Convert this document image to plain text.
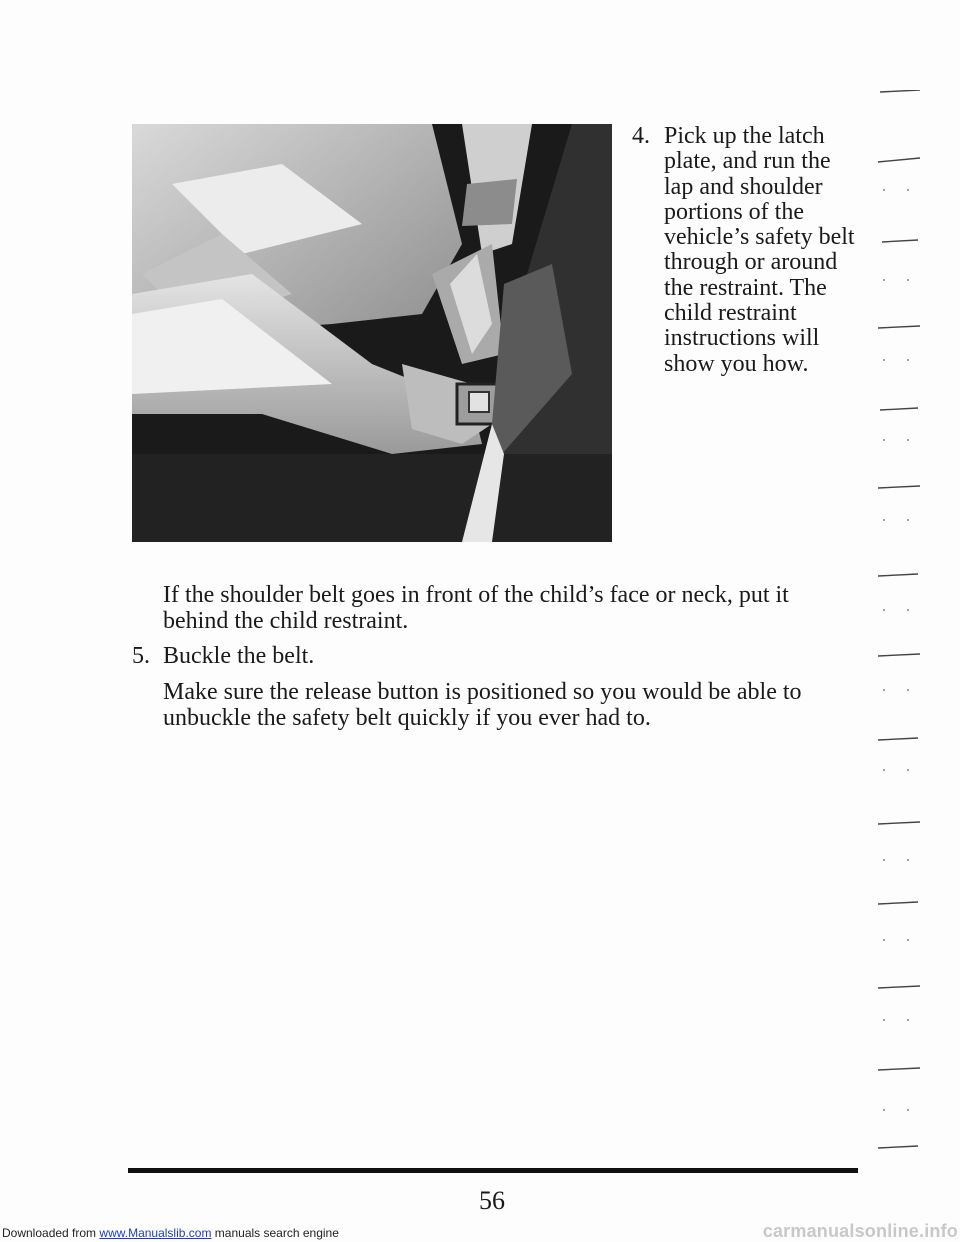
4. Pick up the latch plate, and run the lap and shoulder portions of the vehicle’s safety belt through or around the restraint. The child restraint instructions will show you how.

If the shoulder belt goes in front of the child’s face or neck, put it behind the child restraint.

5. Buckle the belt.

Make sure the release button is positioned so you would be able to unbuckle the safety belt quickly if you ever had to.

56
Downloaded from www.Manualslib.com manuals search engine	carmanualsonline.info
